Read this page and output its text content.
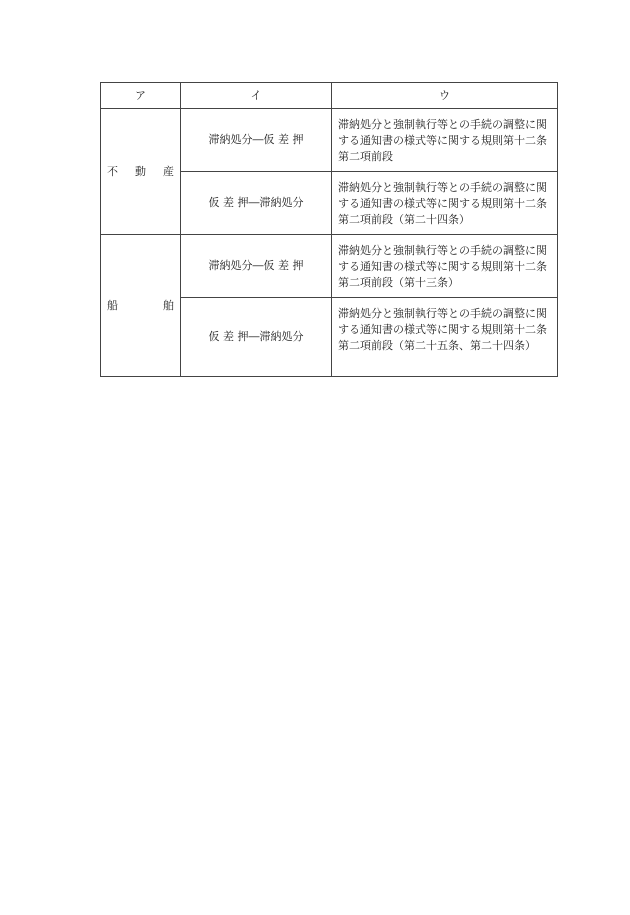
ア	イ	ウ

不 動 産	滞納処分―仮 差 押	滞納処分と強制執行等との手続の調整に関する通知書の様式等に関する規則第十二条第二項前段
	仮 差 押―滞納処分	滞納処分と強制執行等との手続の調整に関する通知書の様式等に関する規則第十二条第二項前段（第二十四条）

船 舶	滞納処分―仮 差 押	滞納処分と強制執行等との手続の調整に関する通知書の様式等に関する規則第十二条第二項前段（第十三条）
	仮 差 押―滞納処分	滞納処分と強制執行等との手続の調整に関する通知書の様式等に関する規則第十二条第二項前段（第二十五条、第二十四条）
